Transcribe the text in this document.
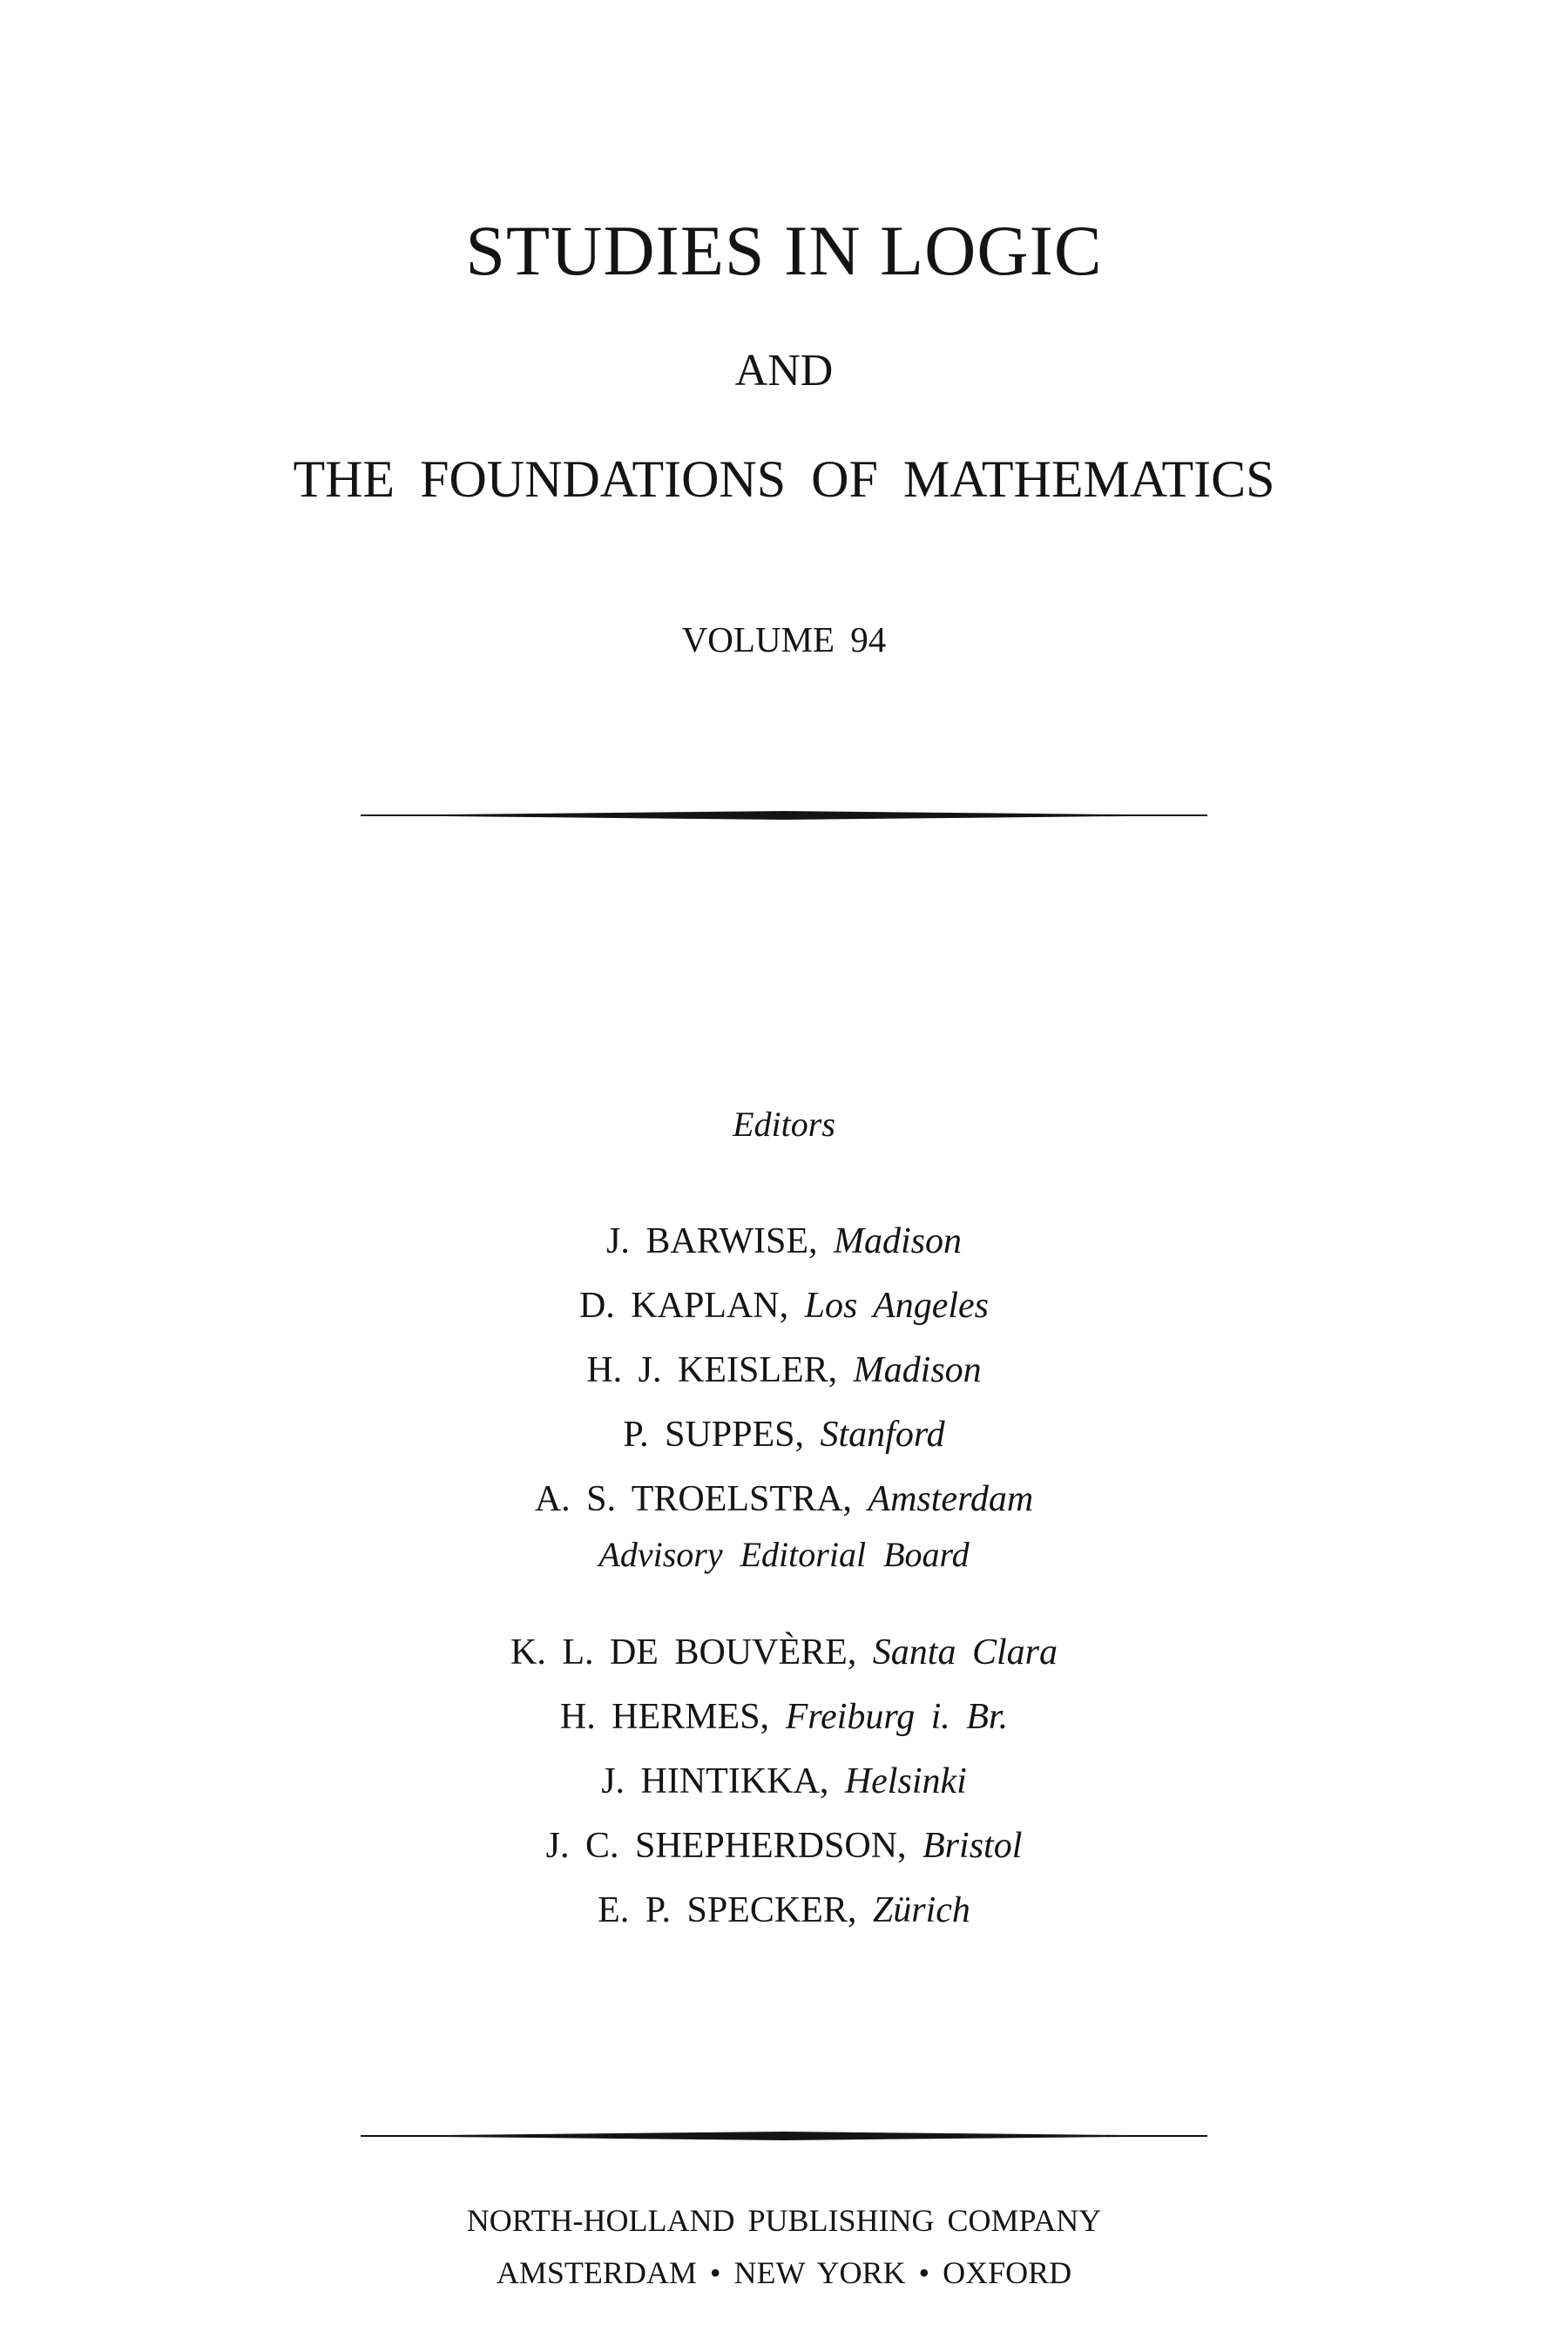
STUDIES IN LOGIC
AND
THE FOUNDATIONS OF MATHEMATICS
VOLUME 94
Editors
J. BARWISE, Madison
D. KAPLAN, Los Angeles
H. J. KEISLER, Madison
P. SUPPES, Stanford
A. S. TROELSTRA, Amsterdam
Advisory Editorial Board
K. L. DE BOUVÈRE, Santa Clara
H. HERMES, Freiburg i. Br.
J. HINTIKKA, Helsinki
J. C. SHEPHERDSON, Bristol
E. P. SPECKER, Zürich
NORTH-HOLLAND PUBLISHING COMPANY
AMSTERDAM • NEW YORK • OXFORD
